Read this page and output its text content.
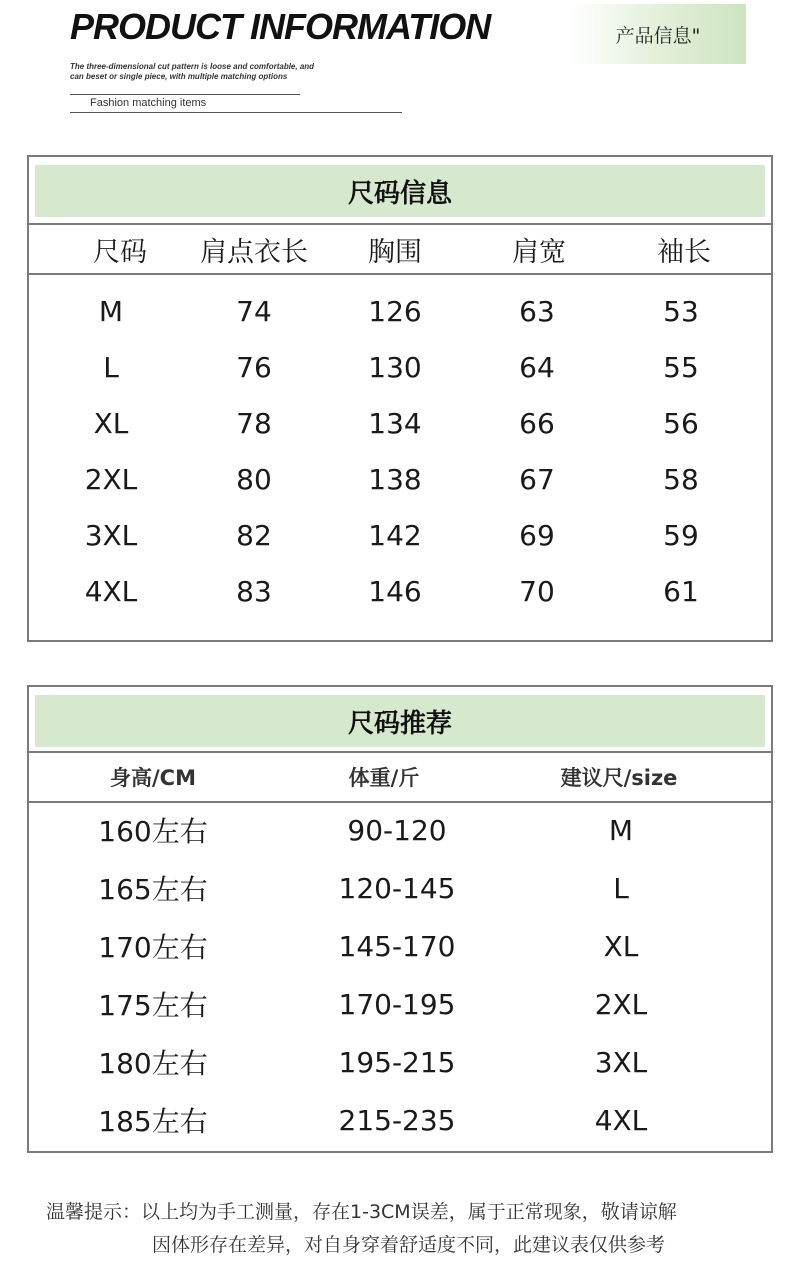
PRODUCT INFORMATION
The three-dimensional cut pattern is loose and comfortable, and
can beset or single piece, with multiple matching options
Fashion matching items
产品信息"
尺码信息
尺码	肩点衣长	胸围	肩宽	袖长
M	74	126	63	53
L	76	130	64	55
XL	78	134	66	56
2XL	80	138	67	58
3XL	82	142	69	59
4XL	83	146	70	61
尺码推荐
身高/CM	体重/斤	建议尺/size
160左右	90-120	M
165左右	120-145	L
170左右	145-170	XL
175左右	170-195	2XL
180左右	195-215	3XL
185左右	215-235	4XL
温馨提示：以上均为手工测量，存在1-3CM误差，属于正常现象，敬请谅解
因体形存在差异，对自身穿着舒适度不同，此建议表仅供参考
